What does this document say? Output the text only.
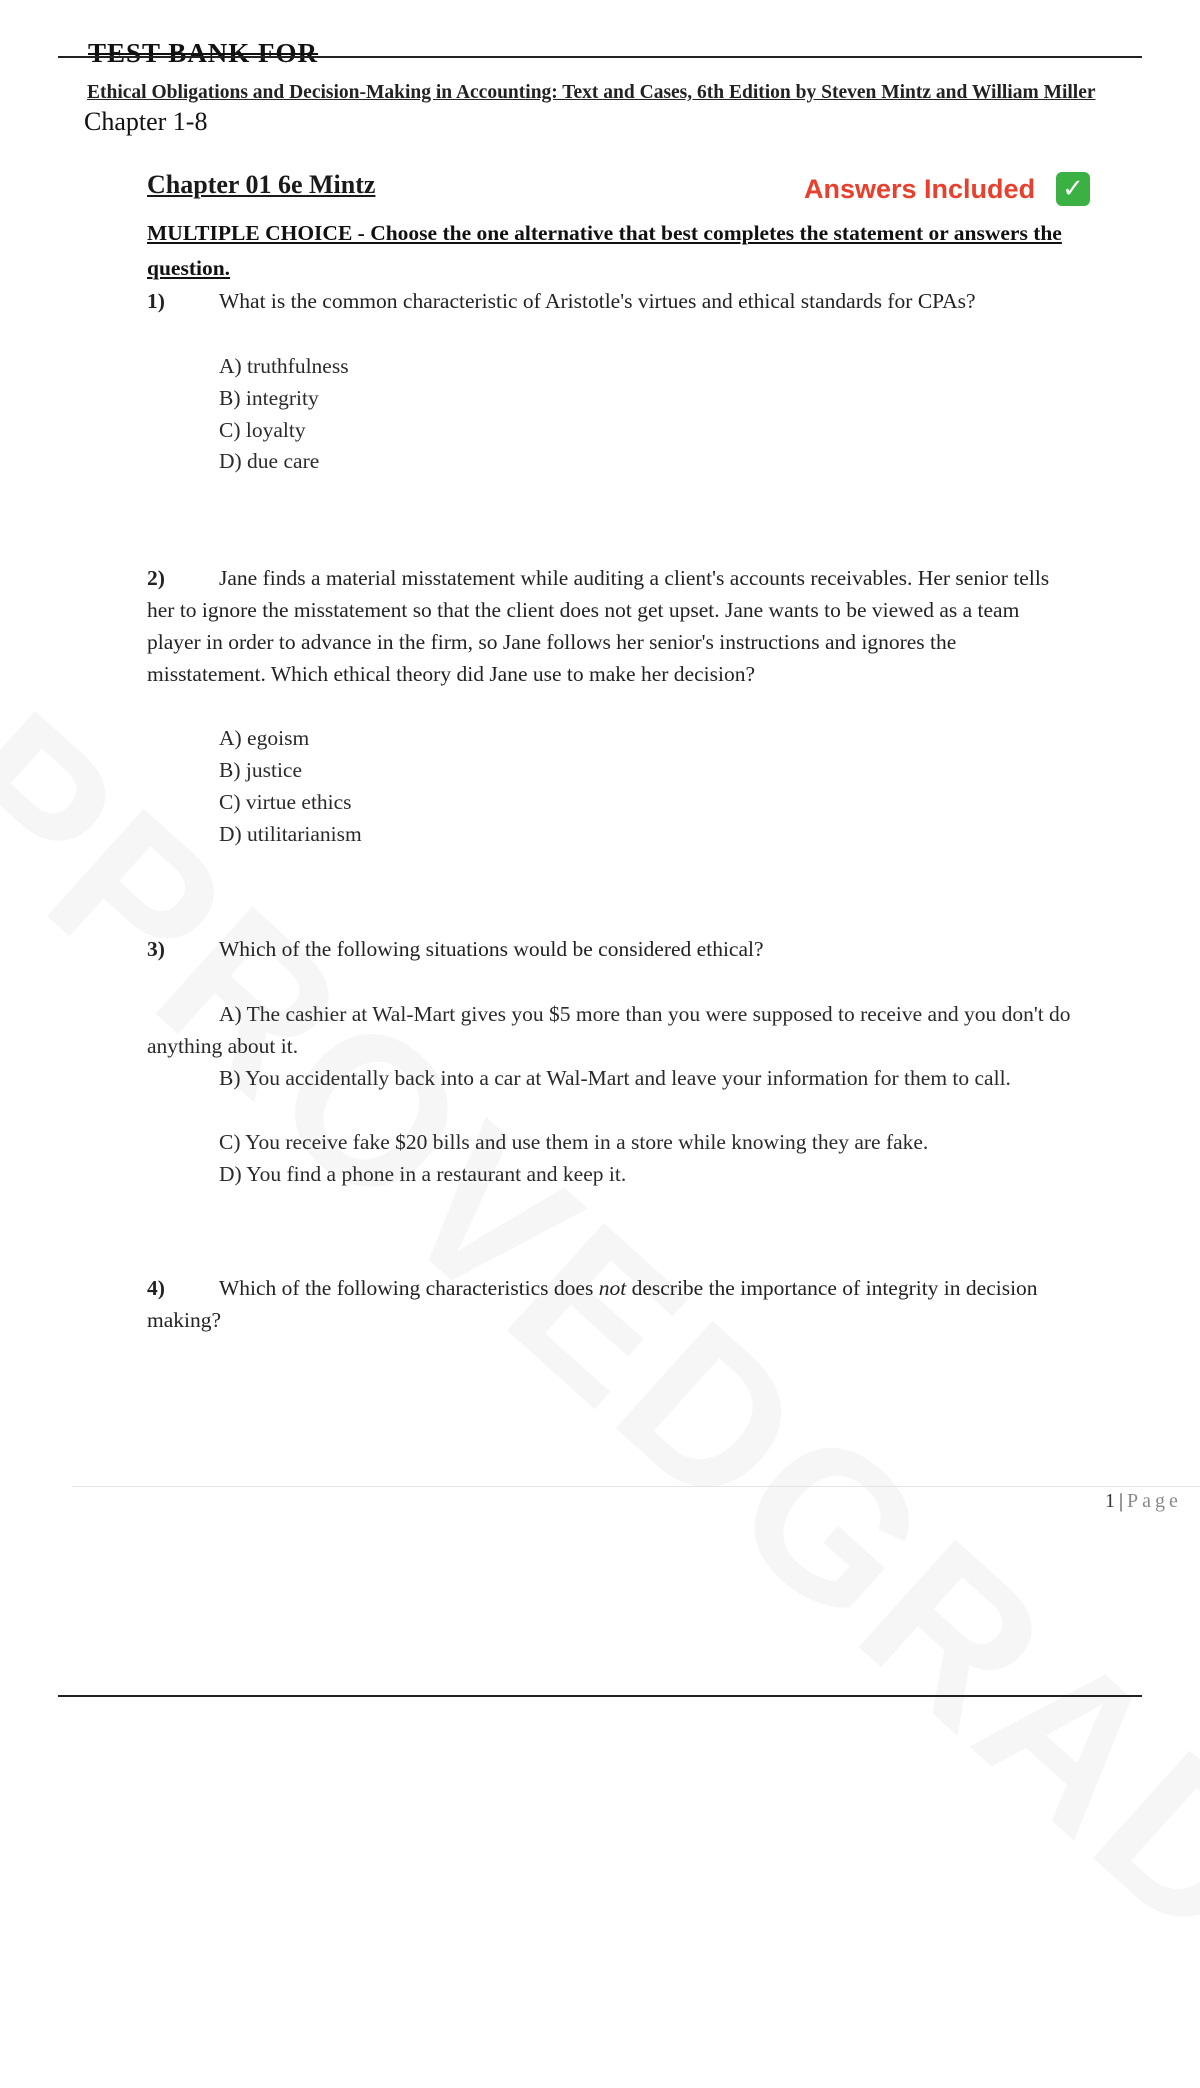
TEST BANK FOR
Ethical Obligations and Decision-Making in Accounting: Text and Cases, 6th Edition by Steven Mintz and William Miller
Chapter 1-8
Chapter 01 6e Mintz	Answers Included ✓
MULTIPLE CHOICE - Choose the one alternative that best completes the statement or answers the question.
1)	What is the common characteristic of Aristotle's virtues and ethical standards for CPAs?
A) truthfulness
B) integrity
C) loyalty
D) due care
2)	Jane finds a material misstatement while auditing a client's accounts receivables. Her senior tells her to ignore the misstatement so that the client does not get upset. Jane wants to be viewed as a team player in order to advance in the firm, so Jane follows her senior's instructions and ignores the misstatement. Which ethical theory did Jane use to make her decision?
A) egoism
B) justice
C) virtue ethics
D) utilitarianism
3)	Which of the following situations would be considered ethical?
A) The cashier at Wal-Mart gives you $5 more than you were supposed to receive and you don't do anything about it.
B) You accidentally back into a car at Wal-Mart and leave your information for them to call.
C) You receive fake $20 bills and use them in a store while knowing they are fake.
D) You find a phone in a restaurant and keep it.
4)	Which of the following characteristics does not describe the importance of integrity in decision making?
1 | Page
